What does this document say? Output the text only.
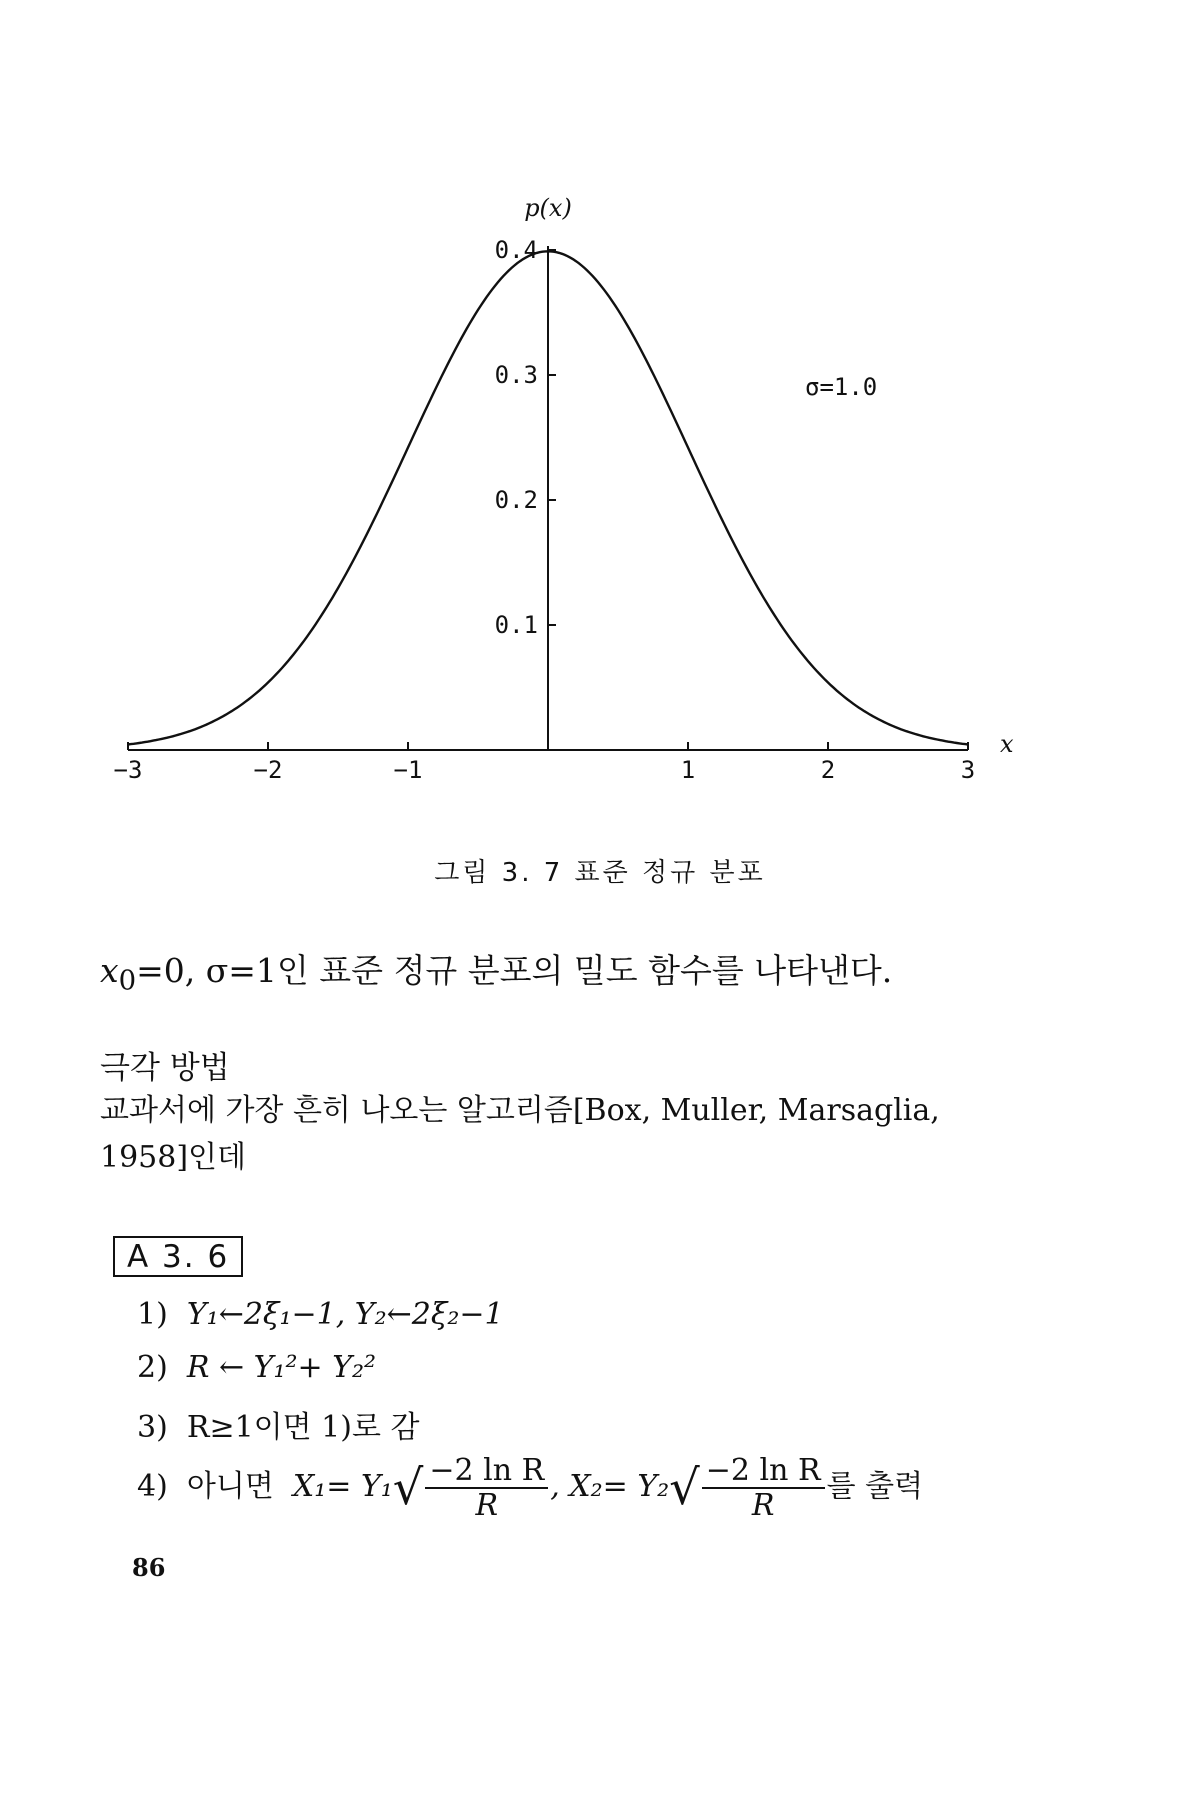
−3	−2	−1	1	2	3
0.1
0.2
0.3
0.4
p(x)
x
σ=1.0
그림 3. 7 표준 정규 분포
$x_0=0$, σ=1인 표준 정규 분포의 밀도 함수를 나타낸다.
극각 방법
교과서에 가장 흔히 나오는 알고리즘[Box, Muller, Marsaglia,
1958]인데
A 3. 6
1) Y₁←2ξ₁−1, Y₂←2ξ₂−1
2) R ← Y₁²+ Y₂²
3) R≥1이면 1)로 감
4) 아니면 $X_1= Y_1√ \frac{\text{−2 ln R}}{R}$ , $X_2= Y_2√ \frac{\text{−2 ln R}}{R}$ 를 출력
86
